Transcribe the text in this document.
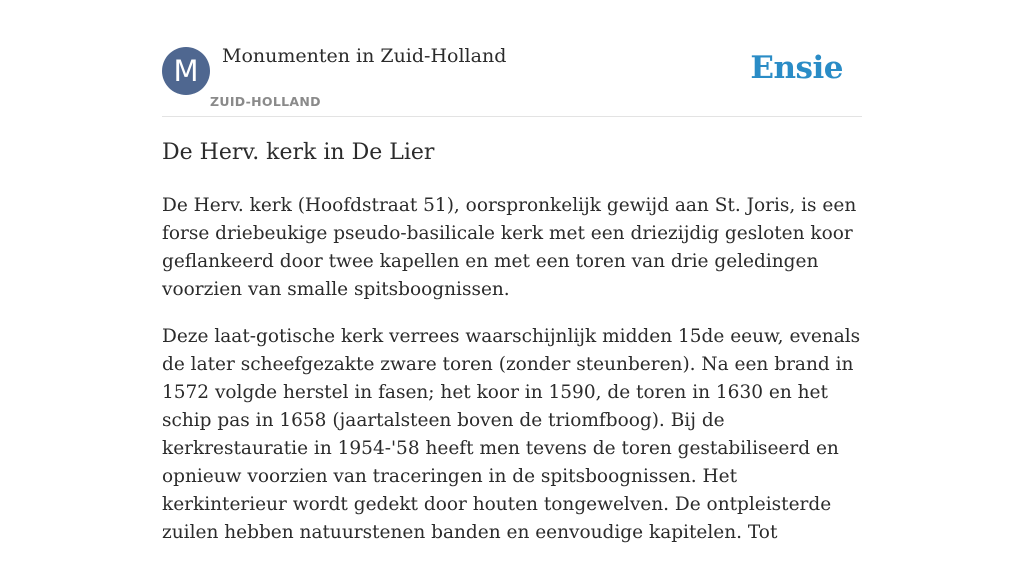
M	Monumenten in Zuid-Holland
ZUID-HOLLAND
Ensie
De Herv. kerk in De Lier

De Herv. kerk (Hoofdstraat 51), oorspronkelijk gewijd aan St. Joris, is een forse driebeukige pseudo-basilicale kerk met een driezijdig gesloten koor geflankeerd door twee kapellen en met een toren van drie geledingen voorzien van smalle spitsboognissen.

Deze laat-gotische kerk verrees waarschijnlijk midden 15de eeuw, evenals de later scheefgezakte zware toren (zonder steunberen). Na een brand in 1572 volgde herstel in fasen; het koor in 1590, de toren in 1630 en het schip pas in 1658 (jaartalsteen boven de triomfboog). Bij de kerkrestauratie in 1954-'58 heeft men tevens de toren gestabiliseerd en opnieuw voorzien van traceringen in de spitsboognissen. Het kerkinterieur wordt gedekt door houten tongewelven. De ontpleisterde zuilen hebben natuurstenen banden en eenvoudige kapitelen. Tot
